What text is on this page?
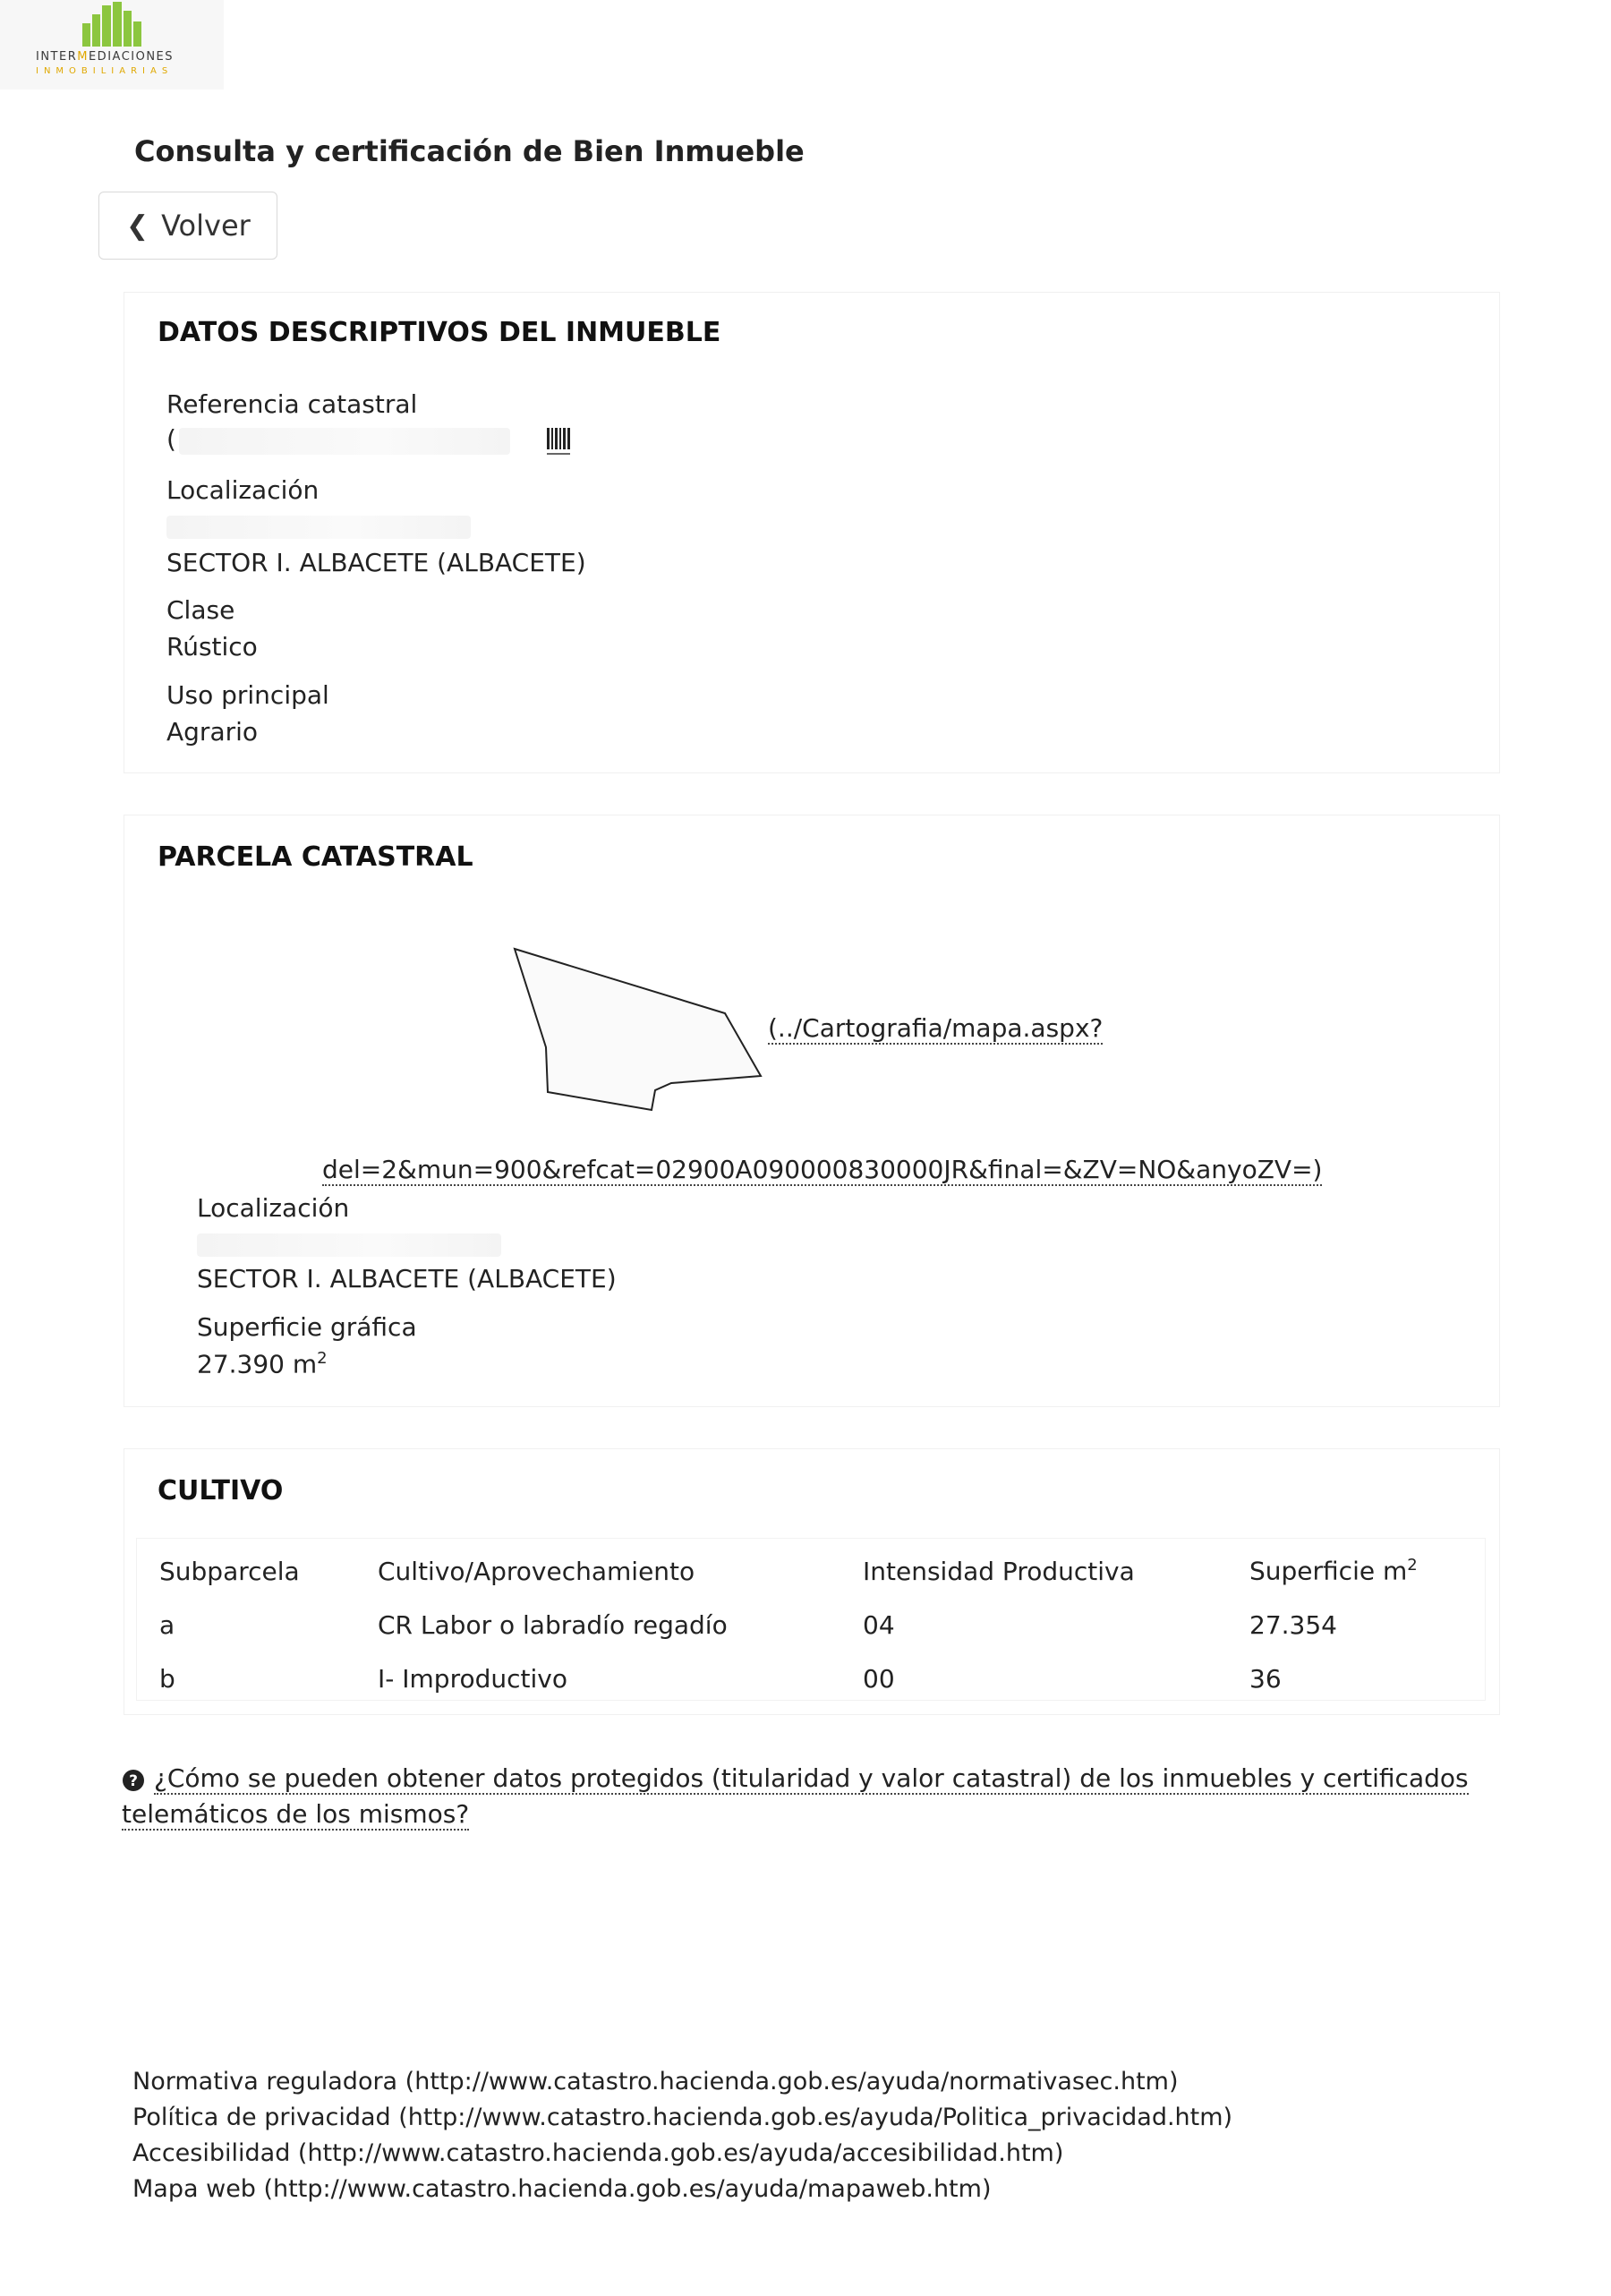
INTERMEDIACIONES
INMOBILIARIAS
Consulta y certificación de Bien Inmueble
❮ Volver
DATOS DESCRIPTIVOS DEL INMUEBLE
Referencia catastral
(
Localización
SECTOR I. ALBACETE (ALBACETE)
Clase
Rústico
Uso principal
Agrario
PARCELA CATASTRAL
(../Cartografia/mapa.aspx?
del=2&mun=900&refcat=02900A090000830000JR&final=&ZV=NO&anyoZV=)
Localización
SECTOR I. ALBACETE (ALBACETE)
Superficie gráfica
27.390 $m^2$
CULTIVO
Subparcela	Cultivo/Aprovechamiento	Intensidad Productiva	Superficie $m^2$
a	CR Labor o labradío regadío	04	27.354
b	I- Improductivo	00	36
? ¿Cómo se pueden obtener datos protegidos (titularidad y valor catastral) de los inmuebles y certificados
telemáticos de los mismos?
Normativa reguladora (http://www.catastro.hacienda.gob.es/ayuda/normativasec.htm)
Política de privacidad (http://www.catastro.hacienda.gob.es/ayuda/Politica_privacidad.htm)
Accesibilidad (http://www.catastro.hacienda.gob.es/ayuda/accesibilidad.htm)
Mapa web (http://www.catastro.hacienda.gob.es/ayuda/mapaweb.htm)
